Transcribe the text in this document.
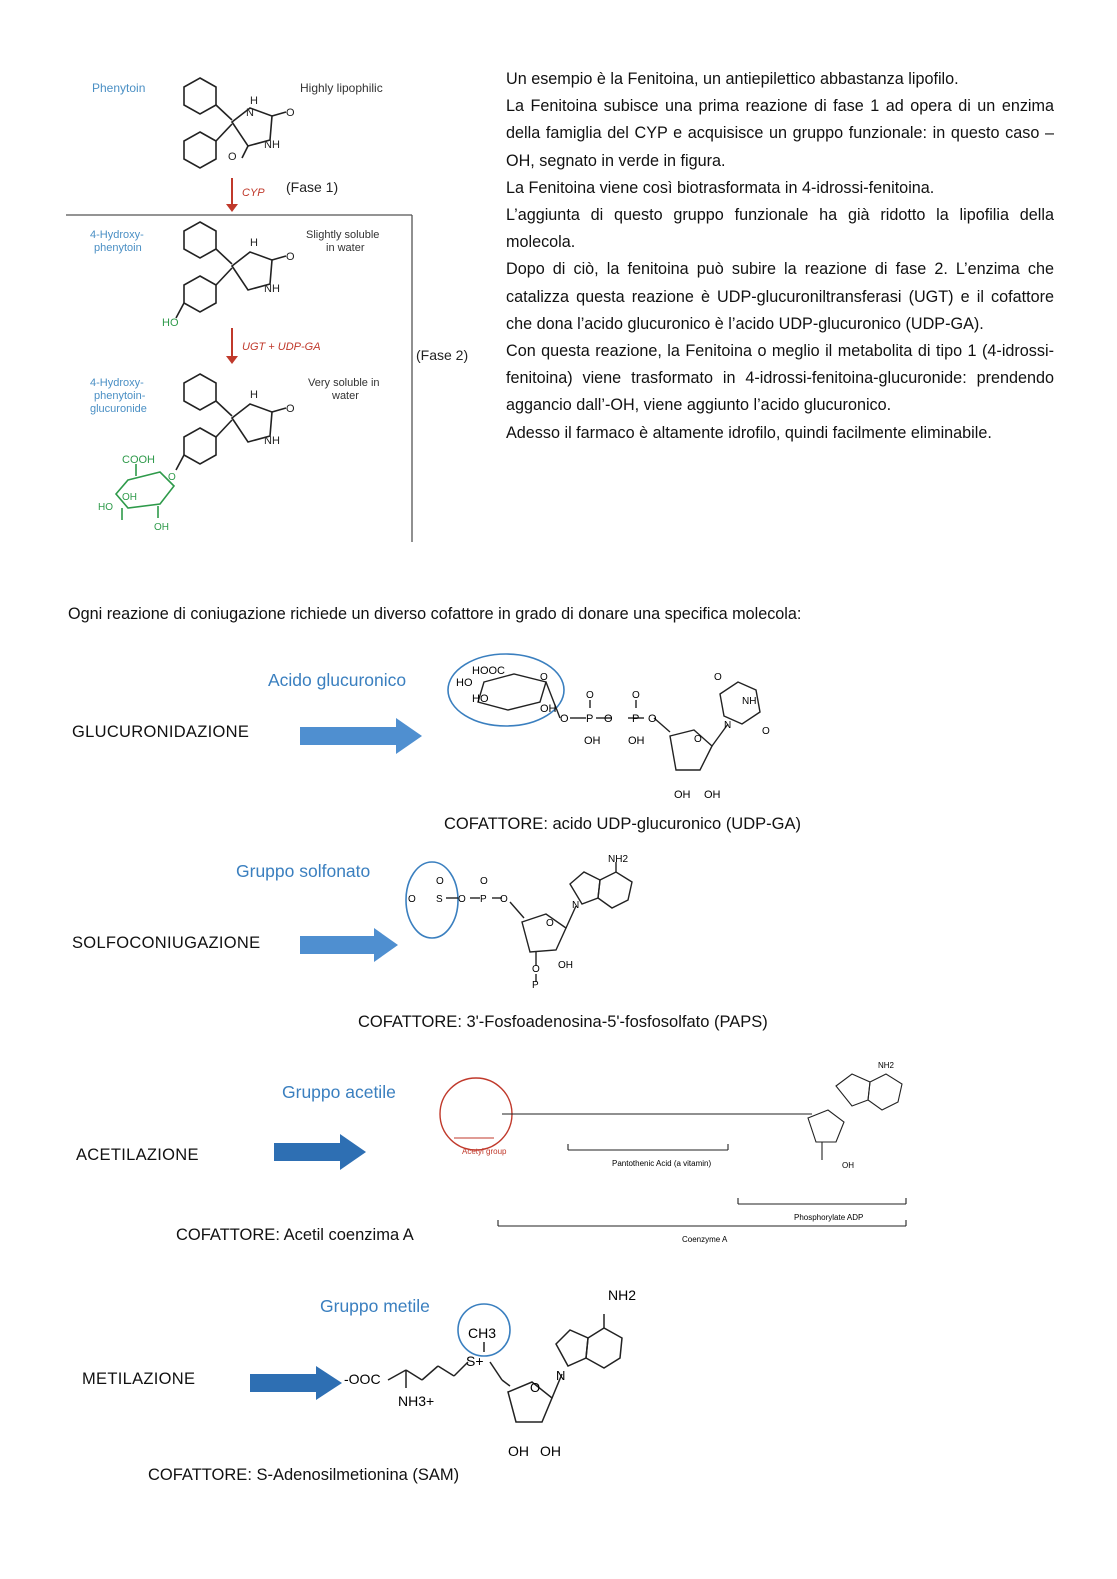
Phenytoin	Highly lipophilic
H
N	O
NH
O
CYP (Fase 1)
4-Hydroxy-phenytoin
Slightly soluble in water
H
O
NH
HO
UGT + UDP-GA	(Fase 2)
4-Hydroxy-phenytoin-glucuronide
Very soluble in water
H
O
NH
COOH
OH
HO
OH
O

Un esempio è la Fenitoina, un antiepilettico abbastanza lipofilo.

La Fenitoina subisce una prima reazione di fase 1 ad opera di un enzima della famiglia del CYP e acquisisce un gruppo funzionale: in questo caso –OH, segnato in verde in figura.

La Fenitoina viene così biotrasformata in 4-idrossi-fenitoina.

L’aggiunta di questo gruppo funzionale ha già ridotto la lipofilia della molecola.

Dopo di ciò, la fenitoina può subire la reazione di fase 2. L’enzima che catalizza questa reazione è UDP-glucuroniltransferasi (UGT) e il cofattore che dona l’acido glucuronico è l’acido UDP-glucuronico (UDP-GA).

Con questa reazione, la Fenitoina o meglio il metabolita di tipo 1 (4-idrossi-fenitoina) viene trasformato in 4-idrossi-fenitoina-glucuronide: prendendo aggancio dall’-OH, viene aggiunto l’acido glucuronico.

Adesso il farmaco è altamente idrofilo, quindi facilmente eliminabile.

Ogni reazione di coniugazione richiede un diverso cofattore in grado di donare una specifica molecola:
Acido glucuronico
GLUCURONIDAZIONE
HOOC
HO
HO
OH
O
O P
O
O P
O
O
OH	OH	O
N
NH
O
O
OH OH
COFATTORE: acido UDP-glucuronico (UDP-GA)
Gruppo solfonato
SOLFOCONIUGAZIONE
O S O P O
O	O
O
N
NH2
OH
O
P
COFATTORE: 3'-Fosfoadenosina-5'-fosfosolfato (PAPS)
Gruppo acetile
ACETILAZIONE	Acetyl group
Pantothenic Acid (a vitamin)
Phosphorylate ADP
Coenzyme A
OH
NH2
COFATTORE: Acetil coenzima A
Gruppo metile
METILAZIONE	-OOC
NH3+
S+
CH3
O
N
NH2
OH OH
COFATTORE: S-Adenosilmetionina (SAM)
